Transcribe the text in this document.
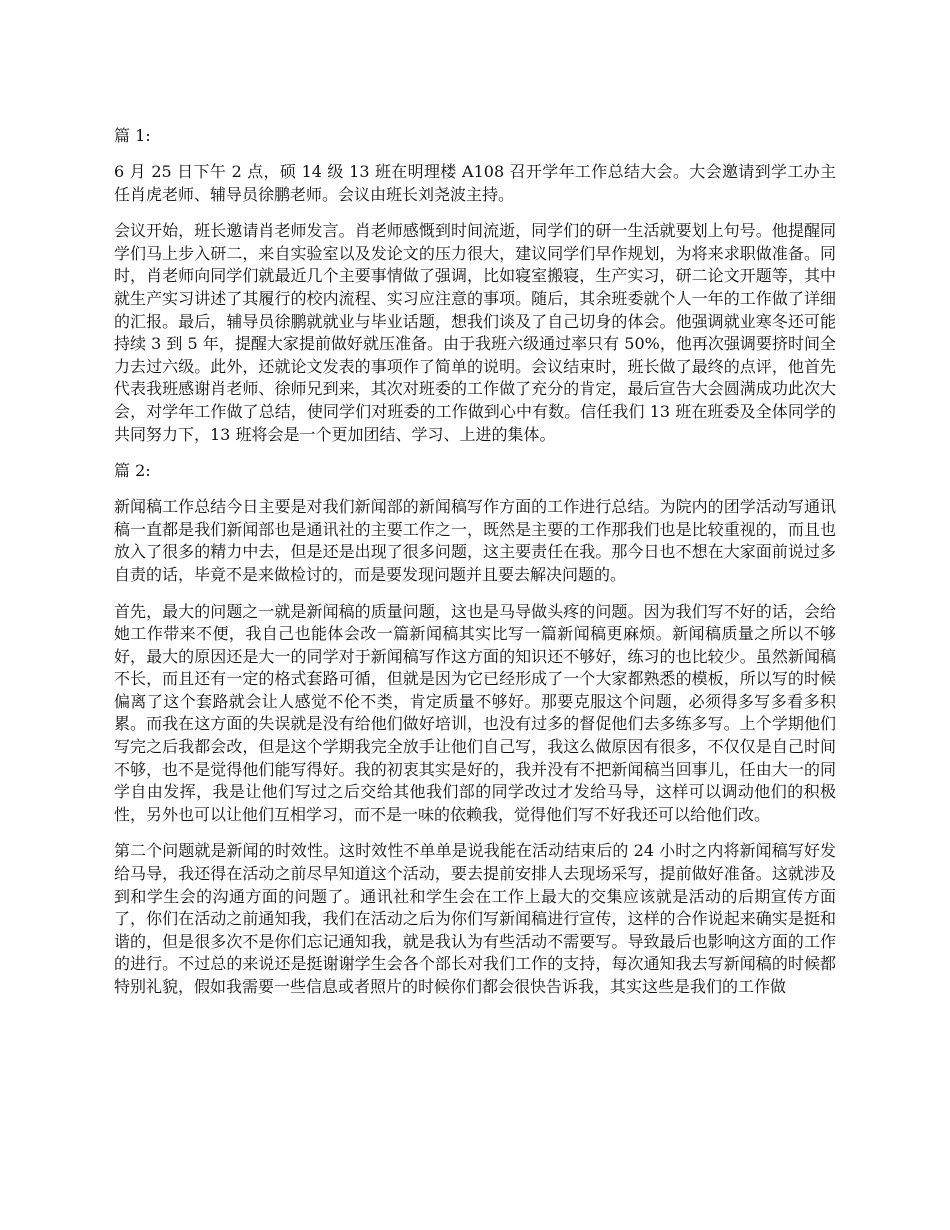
篇 1:

6 月 25 日下午 2 点，硕 14 级 13 班在明理楼 A108 召开学年工作总结大会。大会邀请到学工办主任肖虎老师、辅导员徐鹏老师。会议由班长刘尧波主持。

会议开始，班长邀请肖老师发言。肖老师感慨到时间流逝，同学们的研一生活就要划上句号。他提醒同学们马上步入研二，来自实验室以及发论文的压力很大，建议同学们早作规划，为将来求职做准备。同时，肖老师向同学们就最近几个主要事情做了强调，比如寝室搬寝，生产实习，研二论文开题等，其中就生产实习讲述了其履行的校内流程、实习应注意的事项。随后，其余班委就个人一年的工作做了详细的汇报。最后，辅导员徐鹏就就业与毕业话题，想我们谈及了自己切身的体会。他强调就业寒冬还可能持续 3 到 5 年，提醒大家提前做好就压准备。由于我班六级通过率只有 50%，他再次强调要挤时间全力去过六级。此外，还就论文发表的事项作了简单的说明。会议结束时，班长做了最终的点评，他首先代表我班感谢肖老师、徐师兄到来，其次对班委的工作做了充分的肯定，最后宣告大会圆满成功此次大会，对学年工作做了总结，使同学们对班委的工作做到心中有数。信任我们 13 班在班委及全体同学的共同努力下，13 班将会是一个更加团结、学习、上进的集体。

篇 2:

新闻稿工作总结今日主要是对我们新闻部的新闻稿写作方面的工作进行总结。为院内的团学活动写通讯稿一直都是我们新闻部也是通讯社的主要工作之一，既然是主要的工作那我们也是比较重视的，而且也放入了很多的精力中去，但是还是出现了很多问题，这主要责任在我。那今日也不想在大家面前说过多自责的话，毕竟不是来做检讨的，而是要发现问题并且要去解决问题的。

首先，最大的问题之一就是新闻稿的质量问题，这也是马导做头疼的问题。因为我们写不好的话，会给她工作带来不便，我自己也能体会改一篇新闻稿其实比写一篇新闻稿更麻烦。新闻稿质量之所以不够好，最大的原因还是大一的同学对于新闻稿写作这方面的知识还不够好，练习的也比较少。虽然新闻稿不长，而且还有一定的格式套路可循，但就是因为它已经形成了一个大家都熟悉的模板，所以写的时候偏离了这个套路就会让人感觉不伦不类，肯定质量不够好。那要克服这个问题，必须得多写多看多积累。而我在这方面的失误就是没有给他们做好培训，也没有过多的督促他们去多练多写。上个学期他们写完之后我都会改，但是这个学期我完全放手让他们自己写，我这么做原因有很多，不仅仅是自己时间不够，也不是觉得他们能写得好。我的初衷其实是好的，我并没有不把新闻稿当回事儿，任由大一的同学自由发挥，我是让他们写过之后交给其他我们部的同学改过才发给马导，这样可以调动他们的积极性，另外也可以让他们互相学习，而不是一味的依赖我，觉得他们写不好我还可以给他们改。

第二个问题就是新闻的时效性。这时效性不单单是说我能在活动结束后的 24 小时之内将新闻稿写好发给马导，我还得在活动之前尽早知道这个活动，要去提前安排人去现场采写，提前做好准备。这就涉及到和学生会的沟通方面的问题了。通讯社和学生会在工作上最大的交集应该就是活动的后期宣传方面了，你们在活动之前通知我，我们在活动之后为你们写新闻稿进行宣传，这样的合作说起来确实是挺和谐的，但是很多次不是你们忘记通知我，就是我认为有些活动不需要写。导致最后也影响这方面的工作的进行。不过总的来说还是挺谢谢学生会各个部长对我们工作的支持，每次通知我去写新闻稿的时候都特别礼貌，假如我需要一些信息或者照片的时候你们都会很快告诉我，其实这些是我们的工作做
